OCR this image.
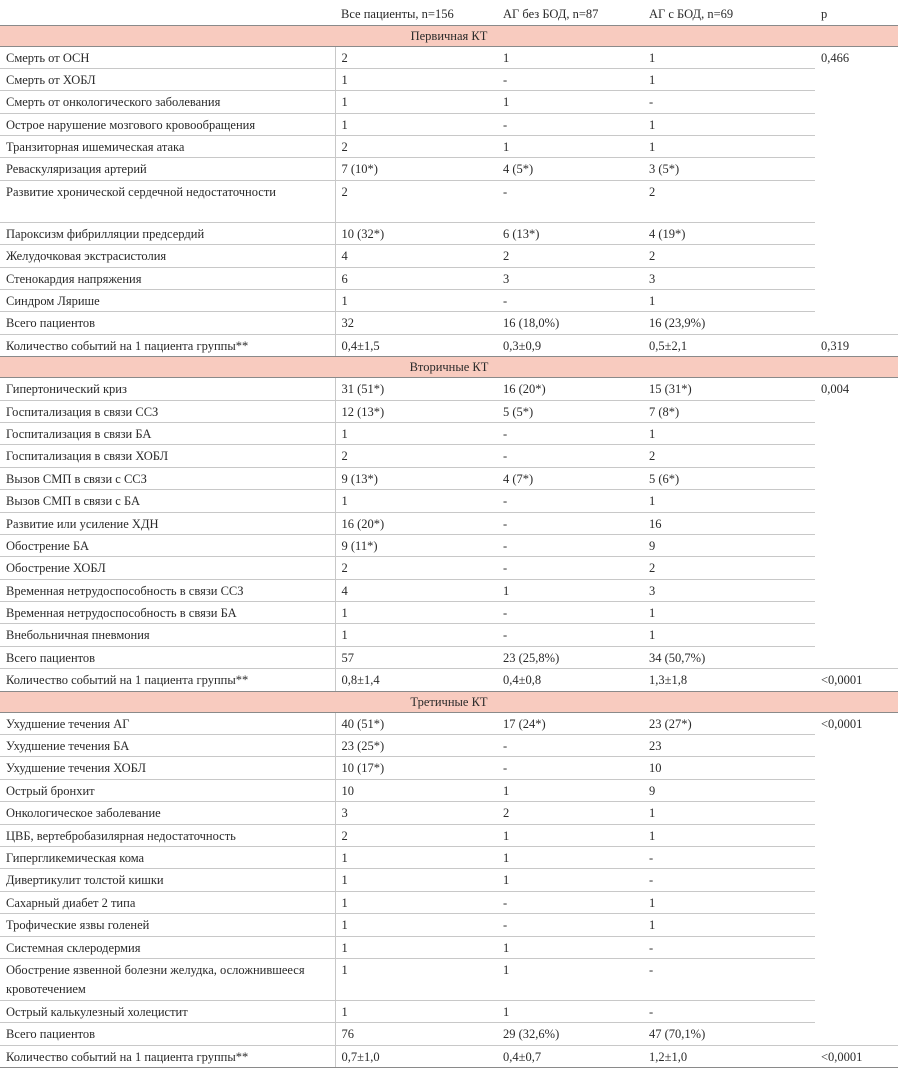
	Все пациенты, n=156	АГ без БОД, n=87	АГ с БОД, n=69	p
Первичная КТ				
Смерть от ОСН	2	1	1	0,466
Смерть от ХОБЛ	1	-	1	
Смерть от онкологического заболевания	1	1	-	
Острое нарушение мозгового кровообращения	1	-	1	
Транзиторная ишемическая атака	2	1	1	
Реваскуляризация артерий	7 (10*)	4 (5*)	3 (5*)	
Развитие хронической сердечной недостаточности	2	-	2	
Пароксизм фибрилляции предсердий	10 (32*)	6 (13*)	4 (19*)	
Желудочковая экстрасистолия	4	2	2	
Стенокардия напряжения	6	3	3	
Синдром Лярише	1	-	1	
Всего пациентов	32	16 (18,0%)	16 (23,9%)	
Количество событий на 1 пациента группы**	0,4±1,5	0,3±0,9	0,5±2,1	0,319
Вторичные КТ				
Гипертонический криз	31 (51*)	16 (20*)	15 (31*)	0,004
Госпитализация в связи ССЗ	12 (13*)	5 (5*)	7 (8*)	
Госпитализация в связи БА	1	-	1	
Госпитализация в связи ХОБЛ	2	-	2	
Вызов СМП в связи с ССЗ	9 (13*)	4 (7*)	5 (6*)	
Вызов СМП в связи с БА	1	-	1	
Развитие или усиление ХДН	16 (20*)	-	16	
Обострение БА	9 (11*)	-	9	
Обострение ХОБЛ	2	-	2	
Временная нетрудоспособность в связи ССЗ	4	1	3	
Временная нетрудоспособность в связи БА	1	-	1	
Внебольничная пневмония	1	-	1	
Всего пациентов	57	23 (25,8%)	34 (50,7%)	
Количество событий на 1 пациента группы**	0,8±1,4	0,4±0,8	1,3±1,8	<0,0001
Третичные КТ				
Ухудшение течения АГ	40 (51*)	17 (24*)	23 (27*)	<0,0001
Ухудшение течения БА	23 (25*)	-	23	
Ухудшение течения ХОБЛ	10 (17*)	-	10	
Острый бронхит	10	1	9	
Онкологическое заболевание	3	2	1	
ЦВБ, вертебробазилярная недостаточность	2	1	1	
Гипергликемическая кома	1	1	-	
Дивертикулит толстой кишки	1	1	-	
Сахарный диабет 2 типа	1	-	1	
Трофические язвы голеней	1	-	1	
Системная склеродермия	1	1	-	
Обострение язвенной болезни желудка, осложнившееся кровотечением	1	1	-	
Острый калькулезный холецистит	1	1	-	
Всего пациентов	76	29 (32,6%)	47 (70,1%)	
Количество событий на 1 пациента группы**	0,7±1,0	0,4±0,7	1,2±1,0	<0,0001
